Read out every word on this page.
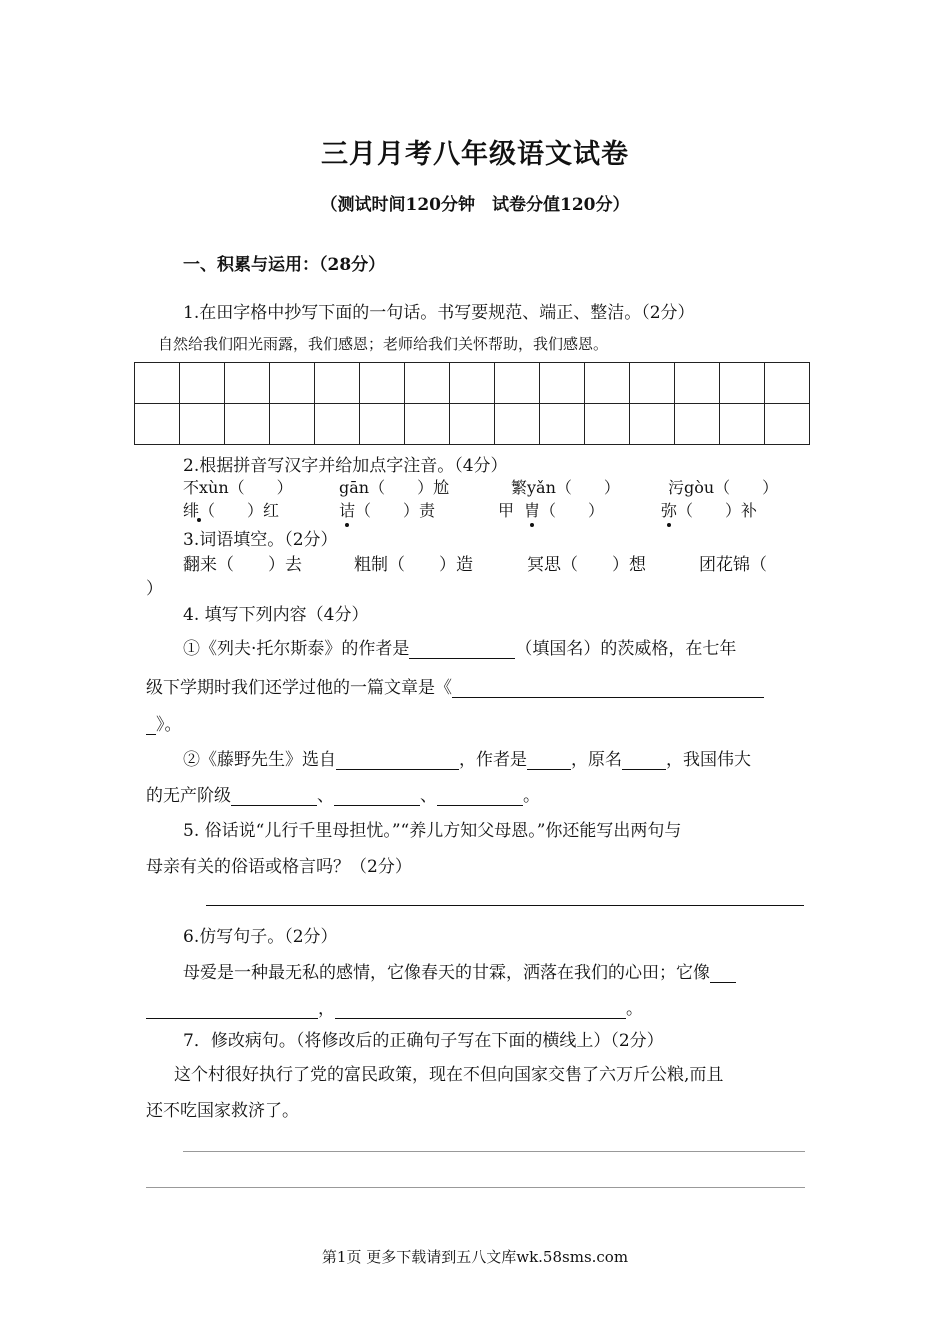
三月月考八年级语文试卷
（测试时间120分钟　试卷分值120分）
一、积累与运用：（28分）
1.在田字格中抄写下面的一句话。书写要规范、端正、整洁。（2分）
自然给我们阳光雨露，我们感恩；老师给我们关怀帮助，我们感恩。

2.根据拼音写汉字并给加点字注音。（4分）
不xùn（　　）	gān（　　）尬	繁yǎn（　　）	污gòu（　　）
绯（　　）红	诘（　　）责	甲 胄（　　）	弥（　　）补
3.词语填空。（2分）
翻来（　　）去	粗制（　　）造	冥思（　　）想	团花锦（
）
4. 填写下列内容（4分）
①《列夫·托尔斯泰》的作者是	（填国名）的茨威格，在七年
级下学期时我们还学过他的一篇文章是《
》。
②《藤野先生》选自	，作者是	，原名	，我国伟大
的无产阶级	、	、	。
5. 俗话说“儿行千里母担忧。”“养儿方知父母恩。”你还能写出两句与
母亲有关的俗语或格言吗？（2分）
6.仿写句子。（2分）
母爱是一种最无私的感情，它像春天的甘霖，洒落在我们的心田；它像
，	。
7．修改病句。（将修改后的正确句子写在下面的横线上）（2分）
这个村很好执行了党的富民政策，现在不但向国家交售了六万斤公粮,而且
还不吃国家救济了。
第1页 更多下载请到五八文库wk.58sms.com
